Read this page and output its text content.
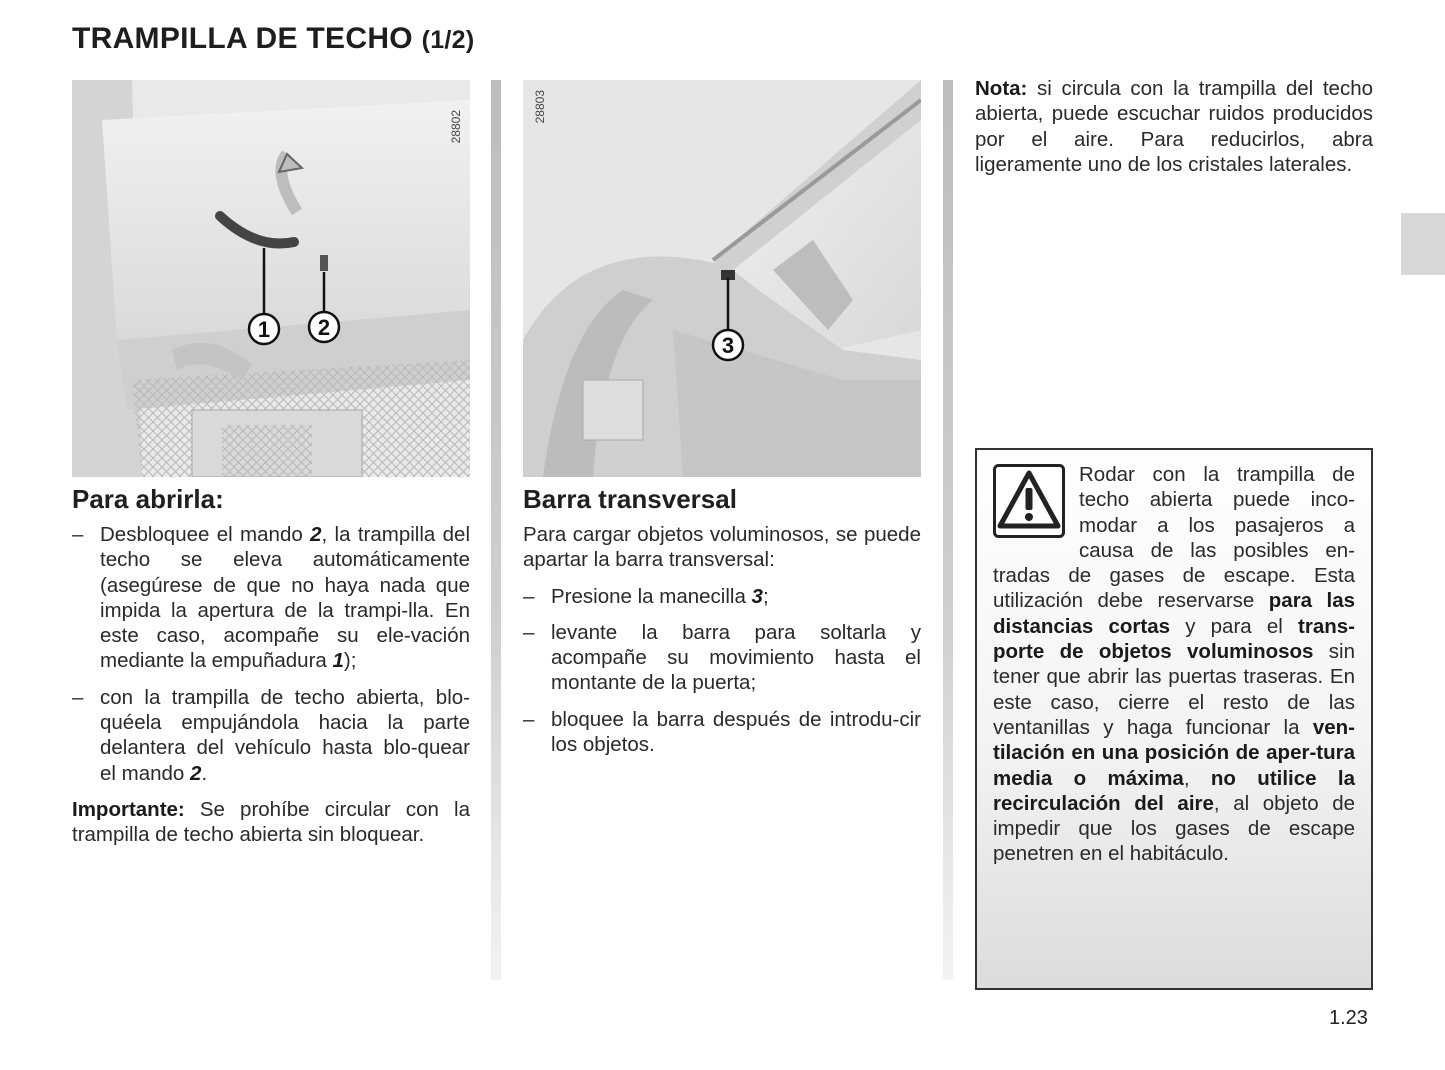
TRAMPILLA DE TECHO (1/2)
1 2
28802
3
28803
Para abrirla:
– Desbloquee el mando 2, la trampilla del techo se eleva automáticamente (asegúrese de que no haya nada que impida la apertura de la trampi-lla. En este caso, acompañe su ele-vación mediante la empuñadura 1);
– con la trampilla de techo abierta, blo-quéela empujándola hacia la parte delantera del vehículo hasta blo-quear el mando 2.
Importante: Se prohíbe circular con la trampilla de techo abierta sin bloquear.
Barra transversal
Para cargar objetos voluminosos, se puede apartar la barra transversal:
– Presione la manecilla 3;
– levante la barra para soltarla y acompañe su movimiento hasta el montante de la puerta;
– bloquee la barra después de introdu-cir los objetos.
Nota: si circula con la trampilla del techo abierta, puede escuchar ruidos producidos por el aire. Para reducirlos, abra ligeramente uno de los cristales laterales.
Rodar con la trampilla de techo abierta puede inco-modar a los pasajeros a causa de las posibles en-tradas de gases de escape. Esta utilización debe reservarse para las distancias cortas y para el trans-porte de objetos voluminosos sin tener que abrir las puertas traseras. En este caso, cierre el resto de las ventanillas y haga funcionar la ven-tilación en una posición de aper-tura media o máxima, no utilice la recirculación del aire, al objeto de impedir que los gases de escape penetren en el habitáculo.
1.23
